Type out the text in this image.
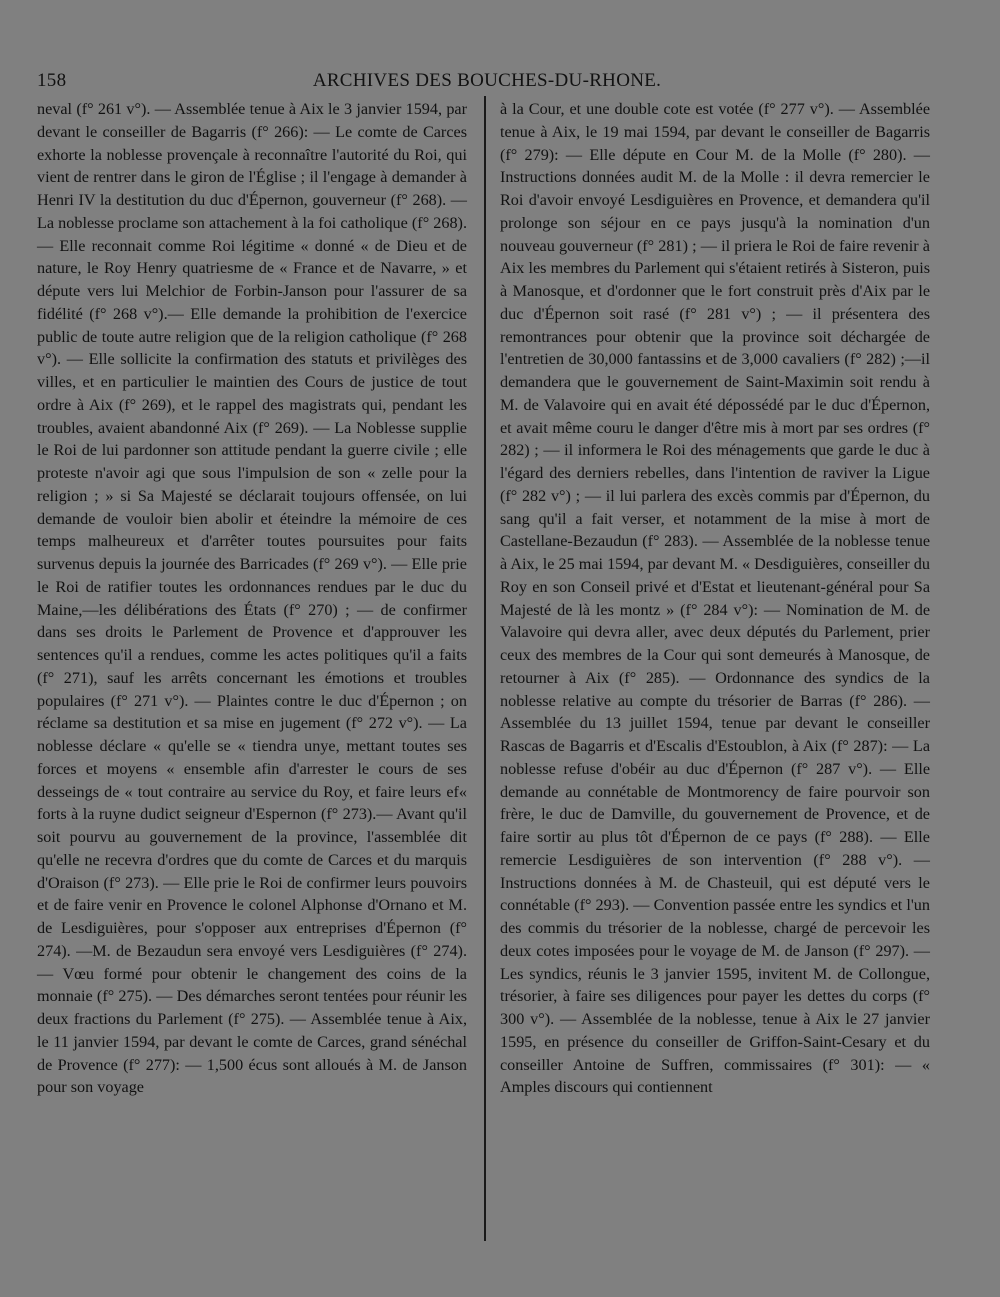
158	ARCHIVES DES BOUCHES-DU-RHONE.

neval (f° 261 v°). — Assemblée tenue à Aix le 3 janvier 1594, par devant le conseiller de Bagarris (f° 266): — Le comte de Carces exhorte la noblesse provençale à reconnaître l'autorité du Roi, qui vient de rentrer dans le giron de l'Église ; il l'engage à demander à Henri IV la destitution du duc d'Épernon, gouverneur (f° 268). — La noblesse proclame son attachement à la foi catholique (f° 268). — Elle reconnait comme Roi légitime « donné « de Dieu et de nature, le Roy Henry quatriesme de « France et de Navarre, » et députe vers lui Melchior de Forbin-Janson pour l'assurer de sa fidélité (f° 268 v°).— Elle demande la prohibition de l'exercice public de toute autre religion que de la religion catholique (f° 268 v°). — Elle sollicite la confirmation des statuts et privilèges des villes, et en particulier le maintien des Cours de justice de tout ordre à Aix (f° 269), et le rappel des magistrats qui, pendant les troubles, avaient abandonné Aix (f° 269). — La Noblesse supplie le Roi de lui pardonner son attitude pendant la guerre civile ; elle proteste n'avoir agi que sous l'impulsion de son « zelle pour la religion ; » si Sa Majesté se déclarait toujours offensée, on lui demande de vouloir bien abolir et éteindre la mémoire de ces temps malheureux et d'arrêter toutes poursuites pour faits survenus depuis la journée des Barricades (f° 269 v°). — Elle prie le Roi de ratifier toutes les ordonnances rendues par le duc du Maine,—les délibérations des États (f° 270) ; — de confirmer dans ses droits le Parlement de Provence et d'approuver les sentences qu'il a rendues, comme les actes politiques qu'il a faits (f° 271), sauf les arrêts concernant les émotions et troubles populaires (f° 271 v°). — Plaintes contre le duc d'Épernon ; on réclame sa destitution et sa mise en jugement (f° 272 v°). — La noblesse déclare « qu'elle se « tiendra unye, mettant toutes ses forces et moyens « ensemble afin d'arrester le cours de ses desseings de « tout contraire au service du Roy, et faire leurs ef« forts à la ruyne dudict seigneur d'Espernon (f° 273).— Avant qu'il soit pourvu au gouvernement de la province, l'assemblée dit qu'elle ne recevra d'ordres que du comte de Carces et du marquis d'Oraison (f° 273). — Elle prie le Roi de confirmer leurs pouvoirs et de faire venir en Provence le colonel Alphonse d'Ornano et M. de Lesdiguières, pour s'opposer aux entreprises d'Épernon (f° 274). —M. de Bezaudun sera envoyé vers Lesdiguières (f° 274). — Vœu formé pour obtenir le changement des coins de la monnaie (f° 275). — Des démarches seront tentées pour réunir les deux fractions du Parlement (f° 275). — Assemblée tenue à Aix, le 11 janvier 1594, par devant le comte de Carces, grand sénéchal de Provence (f° 277): — 1,500 écus sont alloués à M. de Janson pour son voyage

à la Cour, et une double cote est votée (f° 277 v°). — Assemblée tenue à Aix, le 19 mai 1594, par devant le conseiller de Bagarris (f° 279): — Elle députe en Cour M. de la Molle (f° 280). — Instructions données audit M. de la Molle : il devra remercier le Roi d'avoir envoyé Lesdiguières en Provence, et demandera qu'il prolonge son séjour en ce pays jusqu'à la nomination d'un nouveau gouverneur (f° 281) ; — il priera le Roi de faire revenir à Aix les membres du Parlement qui s'étaient retirés à Sisteron, puis à Manosque, et d'ordonner que le fort construit près d'Aix par le duc d'Épernon soit rasé (f° 281 v°) ; — il présentera des remontrances pour obtenir que la province soit déchargée de l'entretien de 30,000 fantassins et de 3,000 cavaliers (f° 282) ;—il demandera que le gouvernement de Saint-Maximin soit rendu à M. de Valavoire qui en avait été dépossédé par le duc d'Épernon, et avait même couru le danger d'être mis à mort par ses ordres (f° 282) ; — il informera le Roi des ménagements que garde le duc à l'égard des derniers rebelles, dans l'intention de raviver la Ligue (f° 282 v°) ; — il lui parlera des excès commis par d'Épernon, du sang qu'il a fait verser, et notamment de la mise à mort de Castellane-Bezaudun (f° 283). — Assemblée de la noblesse tenue à Aix, le 25 mai 1594, par devant M. « Desdiguières, conseiller du Roy en son Conseil privé et d'Estat et lieutenant-général pour Sa Majesté de là les montz » (f° 284 v°): — Nomination de M. de Valavoire qui devra aller, avec deux députés du Parlement, prier ceux des membres de la Cour qui sont demeurés à Manosque, de retourner à Aix (f° 285). — Ordonnance des syndics de la noblesse relative au compte du trésorier de Barras (f° 286). — Assemblée du 13 juillet 1594, tenue par devant le conseiller Rascas de Bagarris et d'Escalis d'Estoublon, à Aix (f° 287): — La noblesse refuse d'obéir au duc d'Épernon (f° 287 v°). — Elle demande au connétable de Montmorency de faire pourvoir son frère, le duc de Damville, du gouvernement de Provence, et de faire sortir au plus tôt d'Épernon de ce pays (f° 288). — Elle remercie Lesdiguières de son intervention (f° 288 v°). — Instructions données à M. de Chasteuil, qui est député vers le connétable (f° 293). — Convention passée entre les syndics et l'un des commis du trésorier de la noblesse, chargé de percevoir les deux cotes imposées pour le voyage de M. de Janson (f° 297). — Les syndics, réunis le 3 janvier 1595, invitent M. de Collongue, trésorier, à faire ses diligences pour payer les dettes du corps (f° 300 v°). — Assemblée de la noblesse, tenue à Aix le 27 janvier 1595, en présence du conseiller de Griffon-Saint-Cesary et du conseiller Antoine de Suffren, commissaires (f° 301): — « Amples discours qui contiennent
